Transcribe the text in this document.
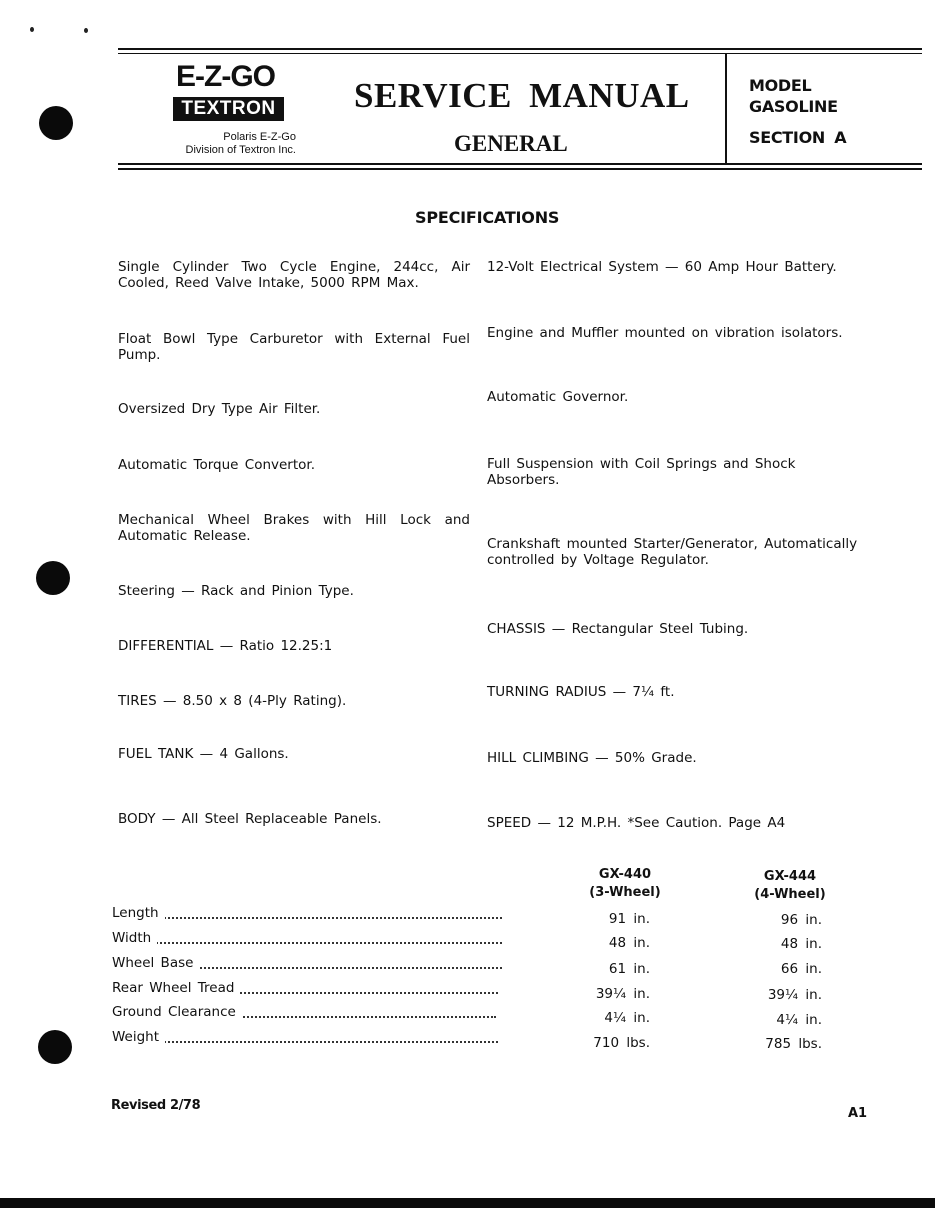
E-Z-GO
TEXTRON
Polaris E-Z-Go
Division of Textron Inc.
SERVICE MANUAL
GENERAL
MODEL
GASOLINE
SECTION A
SPECIFICATIONS
Single Cylinder Two Cycle Engine, 244cc, Air Cooled, Reed Valve Intake, 5000 RPM Max.
Float Bowl Type Carburetor with External Fuel Pump.
Oversized Dry Type Air Filter.
Automatic Torque Convertor.
Mechanical Wheel Brakes with Hill Lock and Automatic Release.
Steering — Rack and Pinion Type.
DIFFERENTIAL — Ratio 12.25:1
TIRES — 8.50 x 8 (4-Ply Rating).
FUEL TANK — 4 Gallons.
BODY — All Steel Replaceable Panels.
12-Volt Electrical System — 60 Amp Hour Battery.
Engine and Muffler mounted on vibration isolators.
Automatic Governor.
Full Suspension with Coil Springs and Shock Absorbers.
Crankshaft mounted Starter/Generator, Automatically controlled by Voltage Regulator.
CHASSIS — Rectangular Steel Tubing.
TURNING RADIUS — 7¼ ft.
HILL CLIMBING — 50% Grade.
SPEED — 12 M.P.H. *See Caution. Page A4
GX-440
(3-Wheel)
GX-444
(4-Wheel)
Length	91 in.	96 in.
Width	48 in.	48 in.
Wheel Base	61 in.	66 in.
Rear Wheel Tread	39¼ in.	39¼ in.
Ground Clearance	4¼ in.	4¼ in.
Weight	710 lbs.	785 lbs.
Revised 2/78
A1
